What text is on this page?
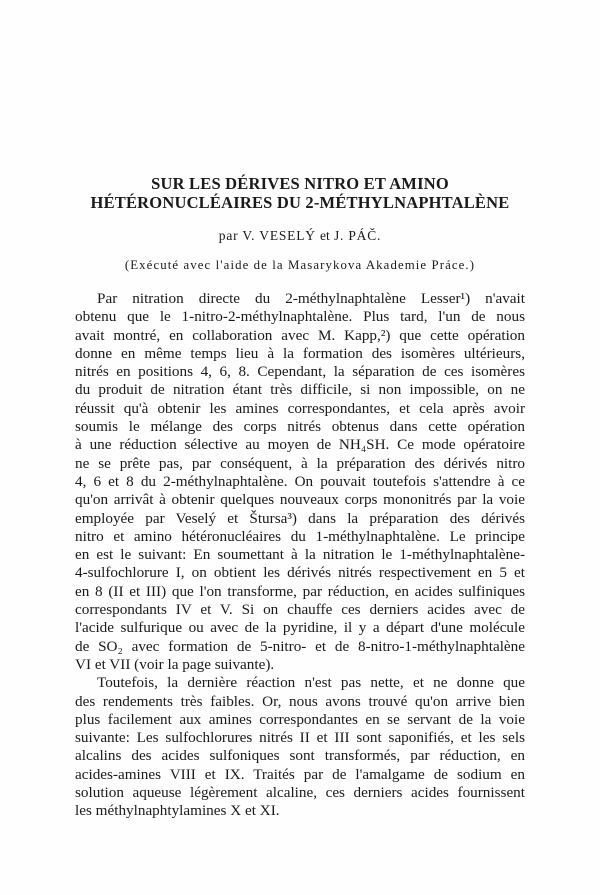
SUR LES DÉRIVES NITRO ET AMINO
HÉTÉRONUCLÉAIRES DU 2-MÉTHYLNAPHTALÈNE
par V. VESELÝ et J. PÁČ.
(Exécuté avec l'aide de la Masarykova Akademie Práce.)
Par nitration directe du 2-méthylnaphtalène Lesser¹) n'avait
obtenu que le 1-nitro-2-méthylnaphtalène. Plus tard, l'un de nous
avait montré, en collaboration avec M. Kapp,²) que cette opération
donne en même temps lieu à la formation des isomères ultérieurs,
nitrés en positions 4, 6, 8. Cependant, la séparation de ces isomères
du produit de nitration étant très difficile, si non impossible, on ne
réussit qu'à obtenir les amines correspondantes, et cela après avoir
soumis le mélange des corps nitrés obtenus dans cette opération
à une réduction sélective au moyen de NH₄SH. Ce mode opératoire
ne se prête pas, par conséquent, à la préparation des dérivés nitro
4, 6 et 8 du 2-méthylnaphtalène. On pouvait toutefois s'attendre à ce
qu'on arrivât à obtenir quelques nouveaux corps mononitrés par la voie
employée par Veselý et Štursa³) dans la préparation des dérivés
nitro et amino hétéronucléaires du 1-méthylnaphtalène. Le principe
en est le suivant: En soumettant à la nitration le 1-méthylnaphtalène-
4-sulfochlorure I, on obtient les dérivés nitrés respectivement en 5 et
en 8 (II et III) que l'on transforme, par réduction, en acides sulfiniques
correspondants IV et V. Si on chauffe ces derniers acides avec de
l'acide sulfurique ou avec de la pyridine, il y a départ d'une molécule
de SO₂ avec formation de 5-nitro- et de 8-nitro-1-méthylnaphtalène
VI et VII (voir la page suivante).
Toutefois, la dernière réaction n'est pas nette, et ne donne que
des rendements très faibles. Or, nous avons trouvé qu'on arrive bien
plus facilement aux amines correspondantes en se servant de la voie
suivante: Les sulfochlorures nitrés II et III sont saponifiés, et les sels
alcalins des acides sulfoniques sont transformés, par réduction, en
acides-amines VIII et IX. Traités par de l'amalgame de sodium en
solution aqueuse légèrement alcaline, ces derniers acides fournissent
les méthylnaphtylamines X et XI.
